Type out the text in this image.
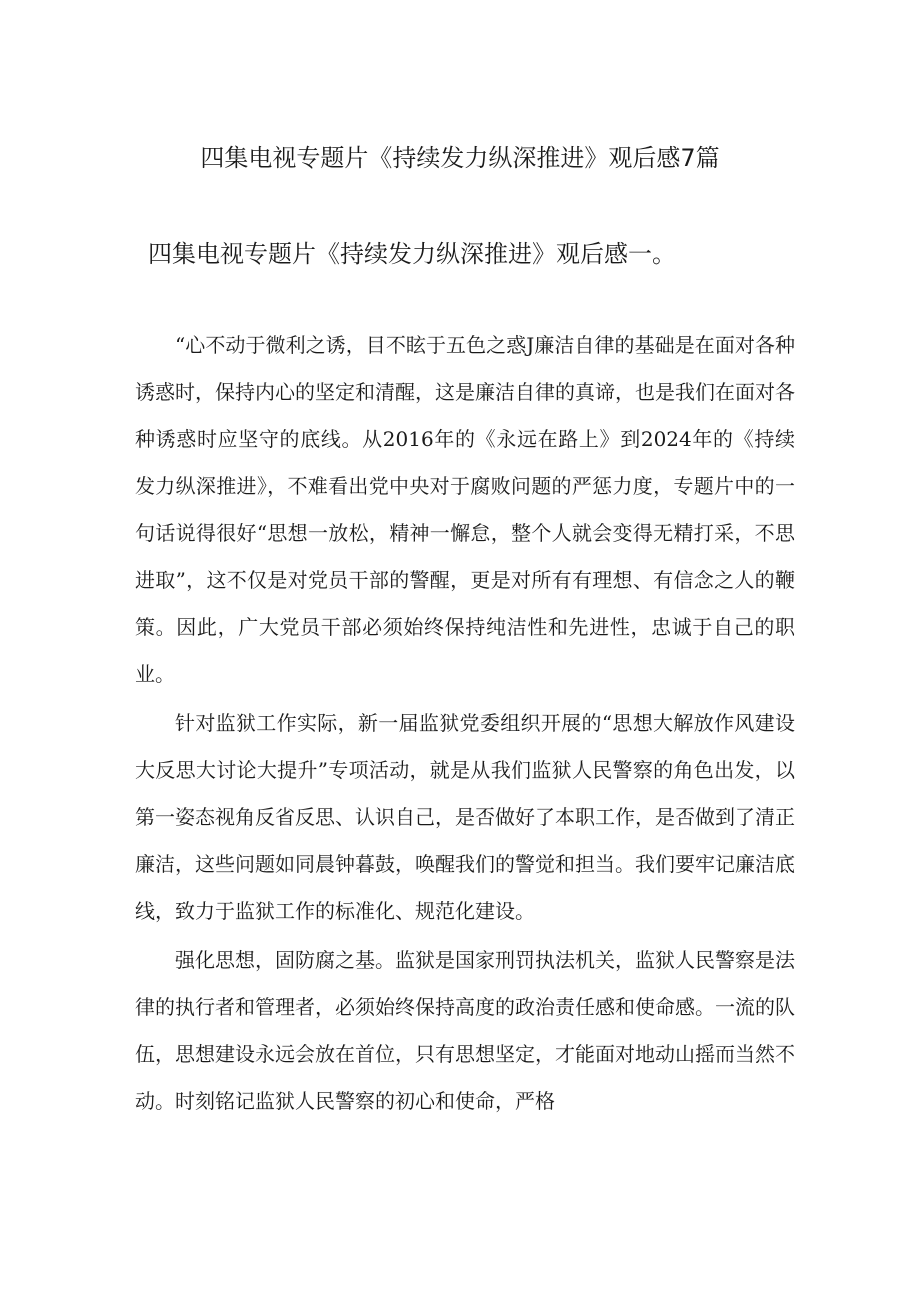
四集电视专题片《持续发力纵深推进》观后感7篇
四集电视专题片《持续发力纵深推进》观后感一。

“心不动于微利之诱，目不眩于五色之惑J廉洁自律的基础是在面对各种诱惑时，保持内心的坚定和清醒，这是廉洁自律的真谛，也是我们在面对各种诱惑时应坚守的底线。从2016年的《永远在路上》到2024年的《持续发力纵深推进》，不难看出党中央对于腐败问题的严惩力度，专题片中的一句话说得很好“思想一放松，精神一懈怠，整个人就会变得无精打采，不思进取”，这不仅是对党员干部的警醒，更是对所有有理想、有信念之人的鞭策。因此，广大党员干部必须始终保持纯洁性和先进性，忠诚于自己的职业。

针对监狱工作实际，新一届监狱党委组织开展的“思想大解放作风建设大反思大讨论大提升”专项活动，就是从我们监狱人民警察的角色出发，以第一姿态视角反省反思、认识自己，是否做好了本职工作，是否做到了清正廉洁，这些问题如同晨钟暮鼓，唤醒我们的警觉和担当。我们要牢记廉洁底线，致力于监狱工作的标准化、规范化建设。

强化思想，固防腐之基。监狱是国家刑罚执法机关，监狱人民警察是法律的执行者和管理者，必须始终保持高度的政治责任感和使命感。一流的队伍，思想建设永远会放在首位，只有思想坚定，才能面对地动山摇而当然不动。时刻铭记监狱人民警察的初心和使命，严格
